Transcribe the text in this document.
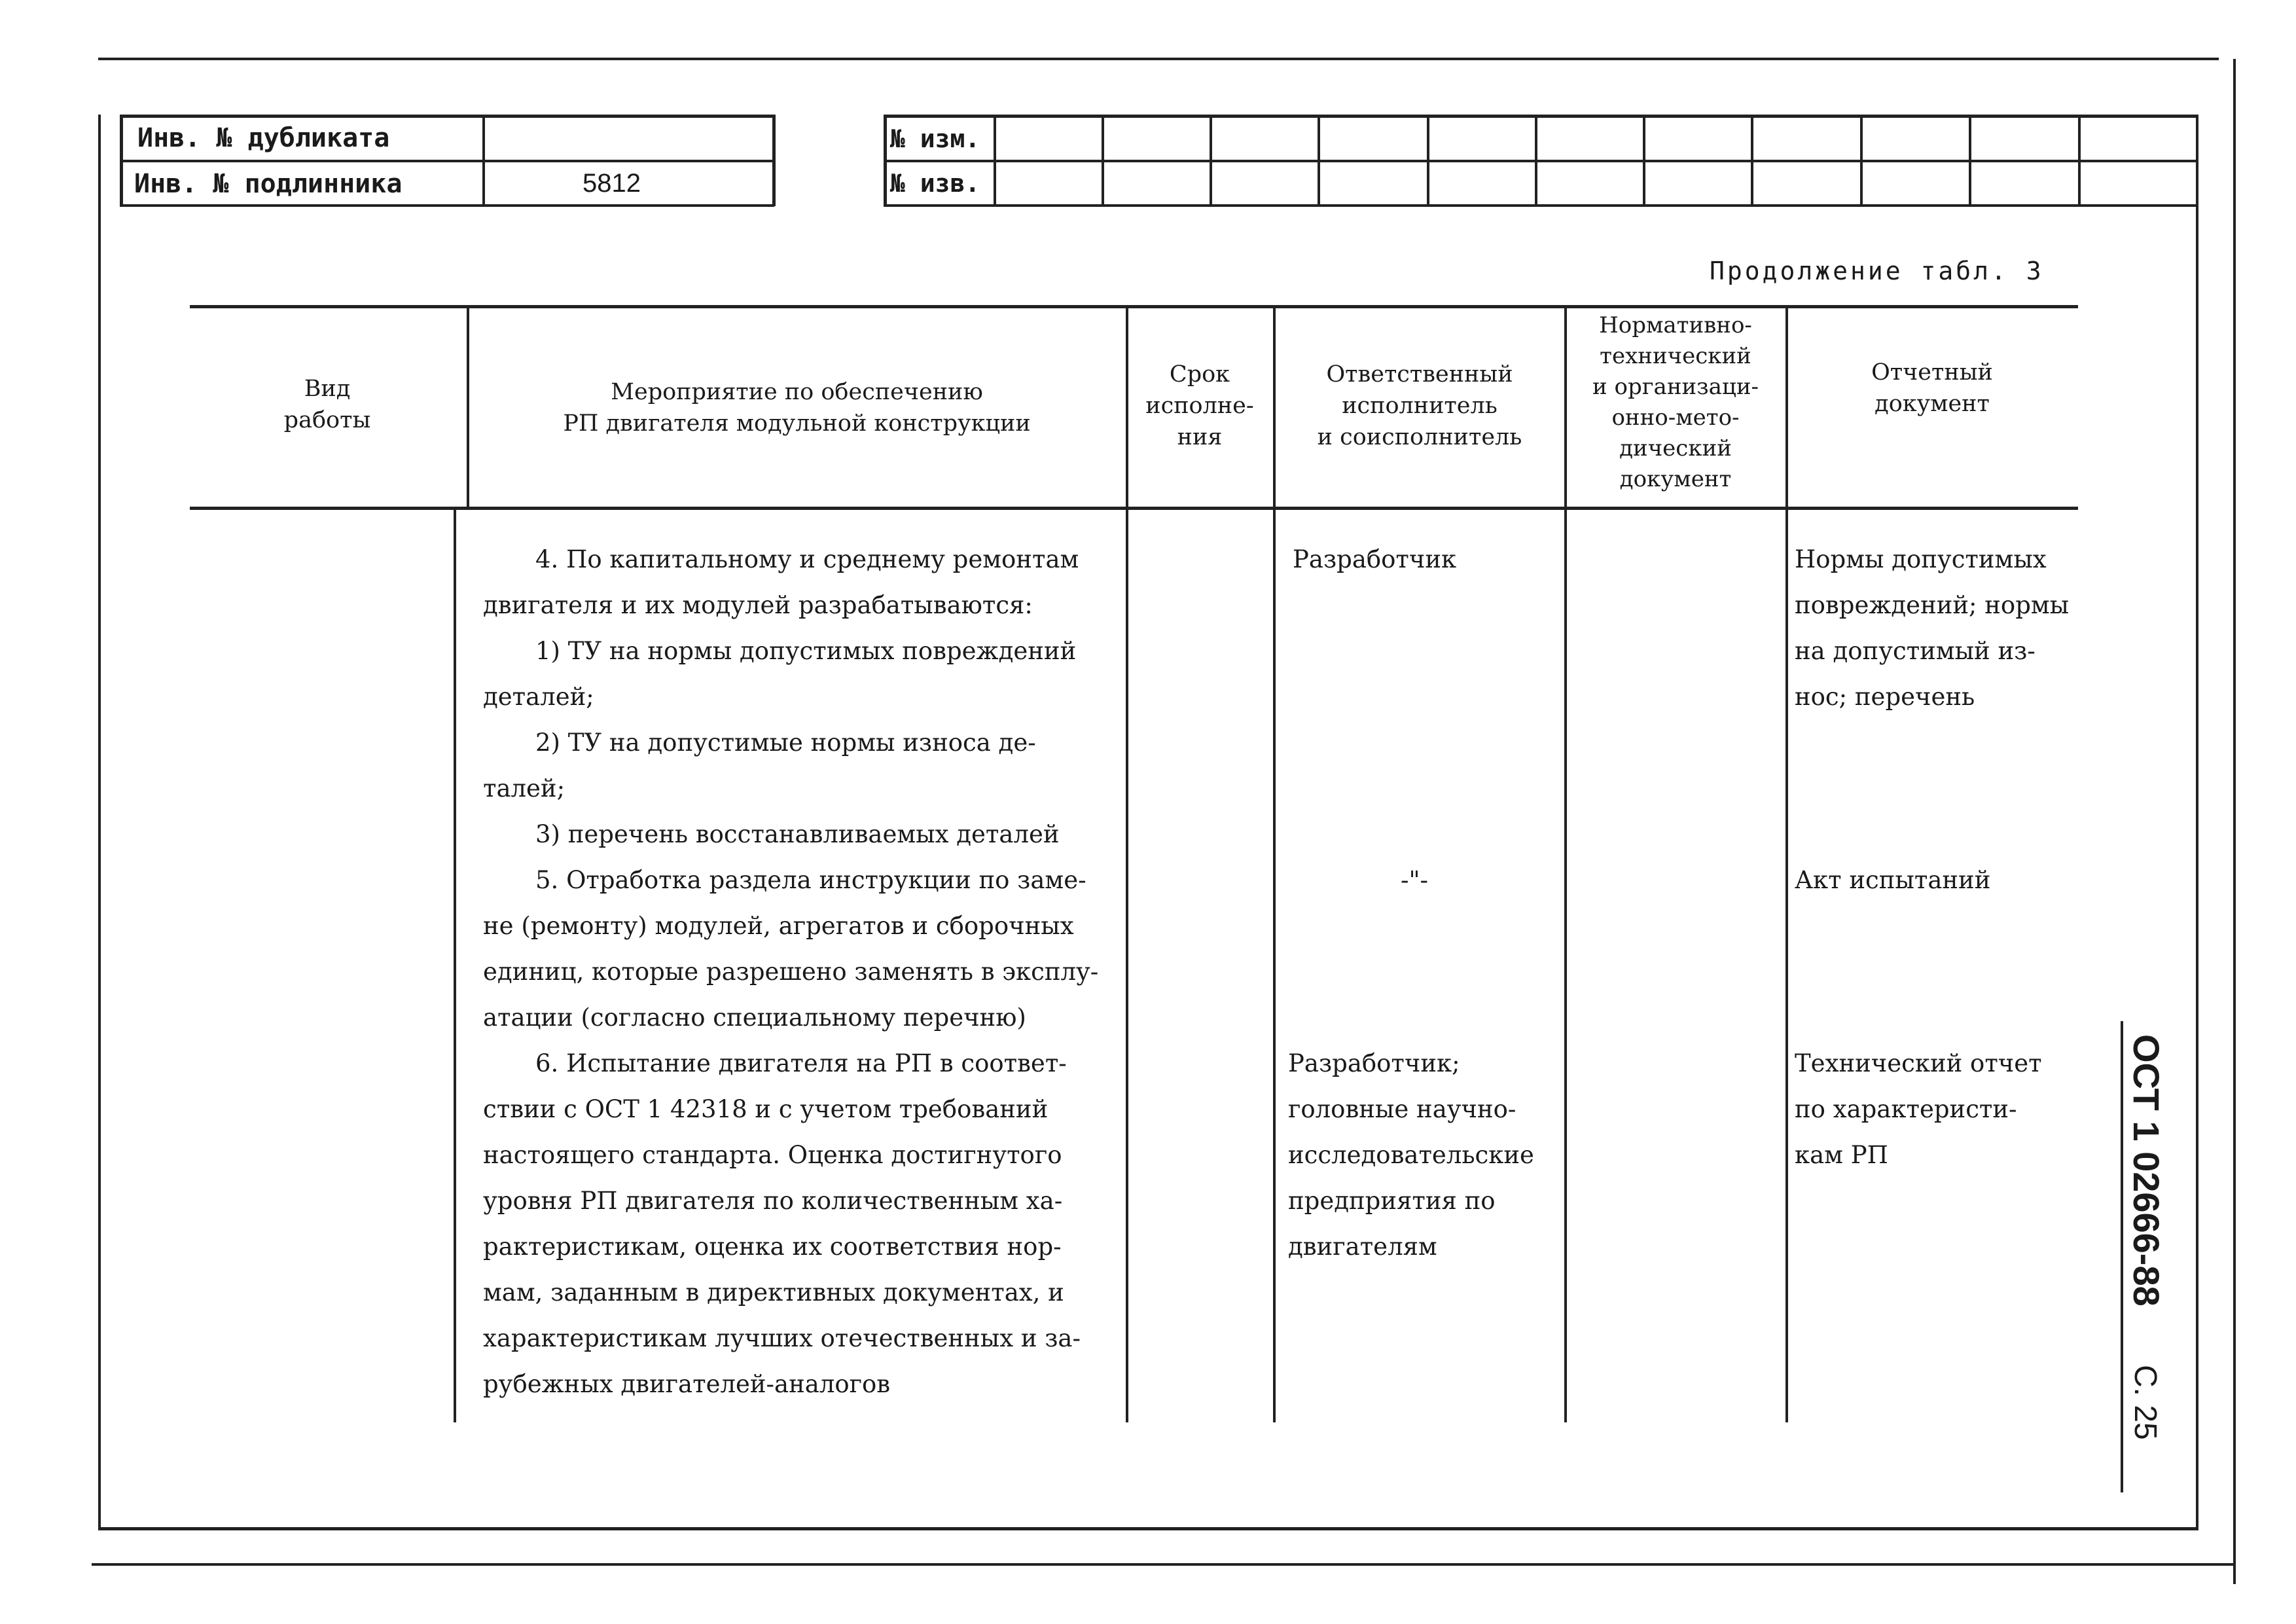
Инв. № дубликата
Инв. № подлинника	5812
№ изм.
№ изв.
Продолжение табл. 3
Вид
работы
Мероприятие по обеспечению
РП двигателя модульной конструкции
Срок
исполне-
ния
Ответственный
исполнитель
и соисполнитель
Нормативно-
технический
и организаци-
онно-мето-
дический
документ
Отчетный
документ
4. По капитальному и среднему ремонтам
двигателя и их модулей разрабатываются:
1) ТУ на нормы допустимых повреждений
деталей;
2) ТУ на допустимые нормы износа де-
талей;
3) перечень восстанавливаемых деталей
5. Отработка раздела инструкции по заме-
не (ремонту) модулей, агрегатов и сборочных
единиц, которые разрешено заменять в эксплу-
атации (согласно специальному перечню)
6. Испытание двигателя на РП в соответ-
ствии с ОСТ 1 42318 и с учетом требований
настоящего стандарта. Оценка достигнутого
уровня РП двигателя по количественным ха-
рактеристикам, оценка их соответствия нор-
мам, заданным в директивных документах, и
характеристикам лучших отечественных и за-
рубежных двигателей-аналогов
Разработчик
-"-
Разработчик;
головные научно-
исследовательские
предприятия по
двигателям
Нормы допустимых
повреждений; нормы
на допустимый из-
нос; перечень
Акт испытаний
Технический отчет
по характеристи-
кам РП	ОСТ 1 02666-88
С. 25
